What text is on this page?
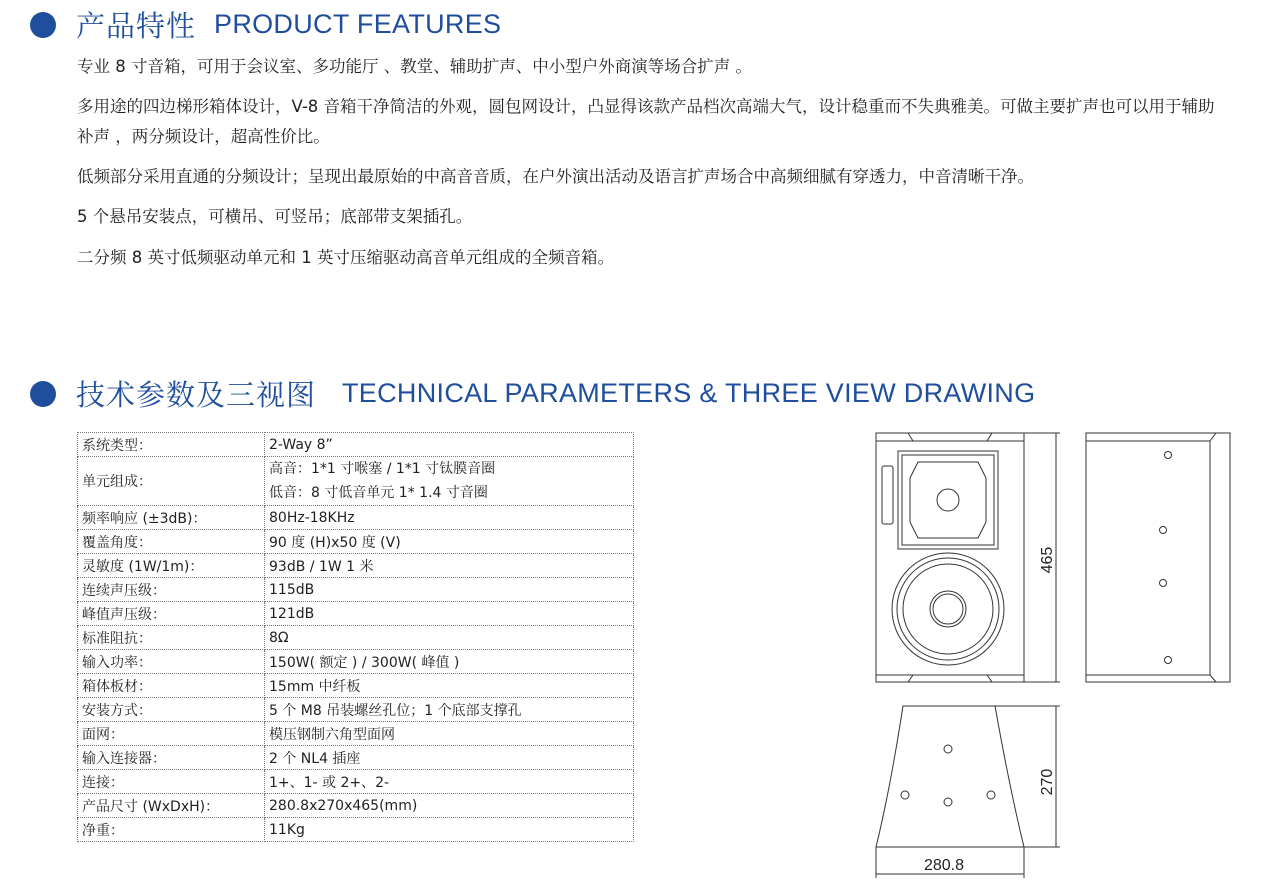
产品特性 PRODUCT FEATURES

专业 8 寸音箱，可用于会议室、多功能厅 、教堂、辅助扩声、中小型户外商演等场合扩声 。

多用途的四边梯形箱体设计，V-8 音箱干净简洁的外观，圆包网设计，凸显得该款产品档次高端大气，设计稳重而不失典雅美。可做主要扩声也可以用于辅助补声 ，两分频设计，超高性价比。

低频部分采用直通的分频设计；呈现出最原始的中高音音质，在户外演出活动及语言扩声场合中高频细腻有穿透力，中音清晰干净。

5 个悬吊安装点，可横吊、可竖吊；底部带支架插孔。

二分频 8 英寸低频驱动单元和 1 英寸压缩驱动高音单元组成的全频音箱。

技术参数及三视图 TECHNICAL PARAMETERS & THREE VIEW DRAWING
系统类型：	2-Way 8”
单元组成：	高音：1*1 寸喉塞 / 1*1 寸钛膜音圈
低音：8 寸低音单元 1* 1.4 寸音圈

频率响应 (±3dB)：	80Hz-18KHz
覆盖角度：	90 度 (H)x50 度 (V)
灵敏度 (1W/1m)：	93dB / 1W 1 米
连续声压级：	115dB
峰值声压级：	121dB
标准阻抗：	8Ω
输入功率：	150W( 额定 ) / 300W( 峰值 )
箱体板材：	15mm 中纤板
安装方式：	5 个 M8 吊装螺丝孔位；1 个底部支撑孔
面网：	模压钢制六角型面网
输入连接器：	2 个 NL4 插座
连接：	1+、1- 或 2+、2-
产品尺寸 (WxDxH)：	280.8x270x465(mm)
净重：	11Kg
465
270
280.8
